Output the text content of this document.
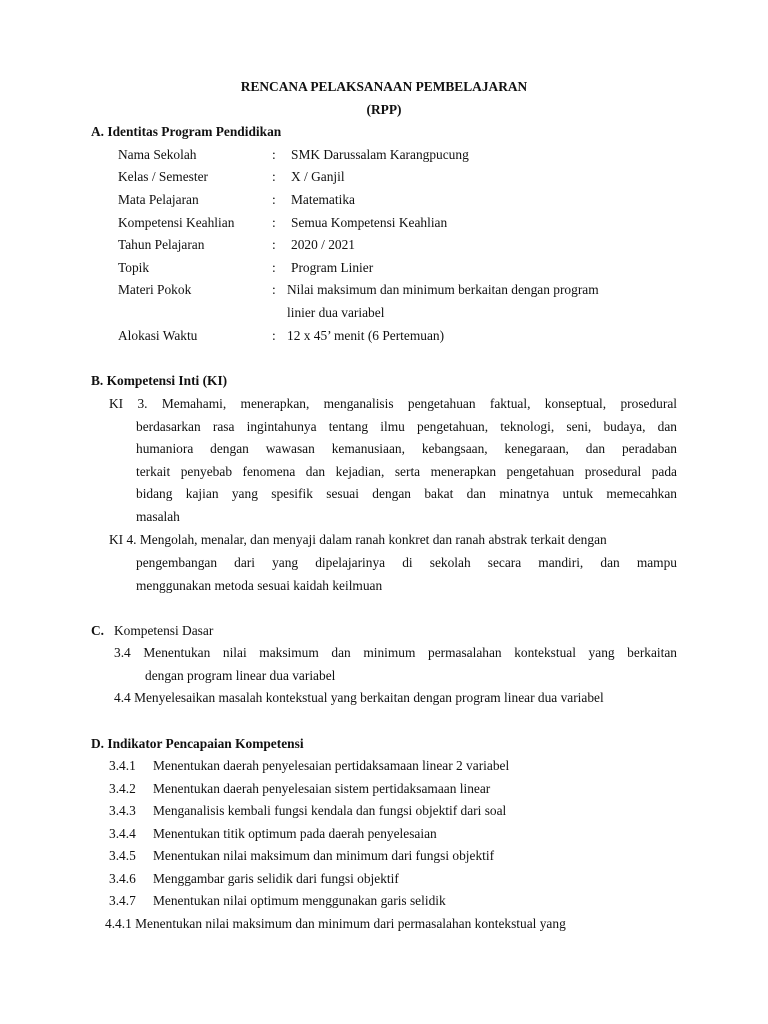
RENCANA PELAKSANAAN PEMBELAJARAN
(RPP)
A. Identitas Program Pendidikan
Nama Sekolah	: SMK Darussalam Karangpucung
Kelas / Semester	: X / Ganjil
Mata Pelajaran	: Matematika
Kompetensi Keahlian	: Semua Kompetensi Keahlian
Tahun Pelajaran	: 2020 / 2021
Topik	: Program Linier
Materi Pokok	: Nilai maksimum dan minimum berkaitan dengan program
linier dua variabel
Alokasi Waktu	: 12 x 45’ menit (6 Pertemuan)
B. Kompetensi Inti (KI)
KI 3. Memahami, menerapkan, menganalisis pengetahuan faktual, konseptual, prosedural
berdasarkan rasa ingintahunya tentang ilmu pengetahuan, teknologi, seni, budaya, dan
humaniora dengan wawasan kemanusiaan, kebangsaan, kenegaraan, dan peradaban
terkait penyebab fenomena dan kejadian, serta menerapkan pengetahuan prosedural pada
bidang kajian yang spesifik sesuai dengan bakat dan minatnya untuk memecahkan
masalah
KI 4. Mengolah, menalar, dan menyaji dalam ranah konkret dan ranah abstrak terkait dengan
pengembangan dari yang dipelajarinya di sekolah secara mandiri, dan mampu
menggunakan metoda sesuai kaidah keilmuan
C. Kompetensi Dasar
3.4 Menentukan nilai maksimum dan minimum permasalahan kontekstual yang berkaitan
dengan program linear dua variabel
4.4 Menyelesaikan masalah kontekstual yang berkaitan dengan program linear dua variabel
D. Indikator Pencapaian Kompetensi
3.4.1 Menentukan daerah penyelesaian pertidaksamaan linear 2 variabel
3.4.2 Menentukan daerah penyelesaian sistem pertidaksamaan linear
3.4.3 Menganalisis kembali fungsi kendala dan fungsi objektif dari soal
3.4.4 Menentukan titik optimum pada daerah penyelesaian
3.4.5 Menentukan nilai maksimum dan minimum dari fungsi objektif
3.4.6 Menggambar garis selidik dari fungsi objektif
3.4.7 Menentukan nilai optimum menggunakan garis selidik
4.4.1 Menentukan nilai maksimum dan minimum dari permasalahan kontekstual yang
